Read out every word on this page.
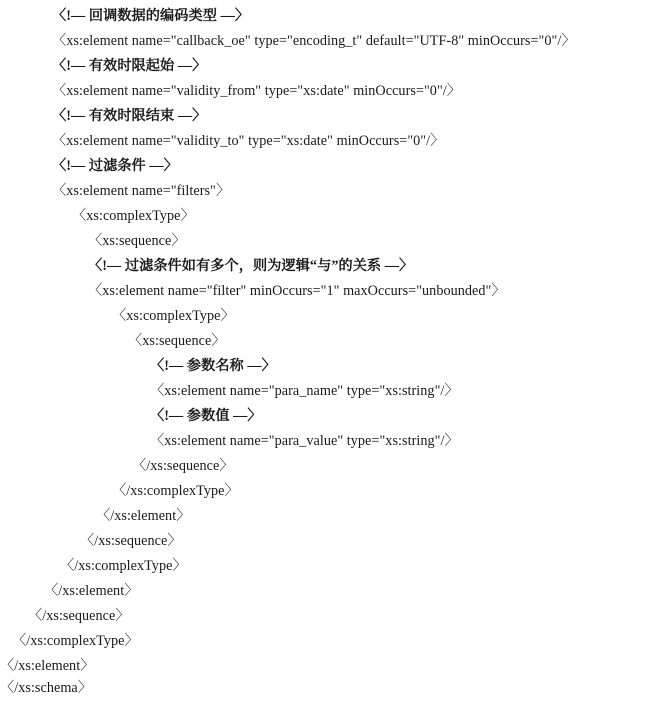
〈!— 回调数据的编码类型 —〉
〈xs:element name="callback_oe" type="encoding_t" default="UTF-8" minOccurs="0"/〉
〈!— 有效时限起始 —〉
〈xs:element name="validity_from" type="xs:date" minOccurs="0"/〉
〈!— 有效时限结束 —〉
〈xs:element name="validity_to" type="xs:date" minOccurs="0"/〉
〈!— 过滤条件 —〉
〈xs:element name="filters"〉
〈xs:complexType〉
〈xs:sequence〉
〈!— 过滤条件如有多个，则为逻辑“与”的关系 —〉
〈xs:element name="filter" minOccurs="1" maxOccurs="unbounded"〉
〈xs:complexType〉
〈xs:sequence〉
〈!— 参数名称 —〉
〈xs:element name="para_name" type="xs:string"/〉
〈!— 参数值 —〉
〈xs:element name="para_value" type="xs:string"/〉
〈/xs:sequence〉
〈/xs:complexType〉
〈/xs:element〉
〈/xs:sequence〉
〈/xs:complexType〉
〈/xs:element〉
〈/xs:sequence〉
〈/xs:complexType〉
〈/xs:element〉
〈/xs:schema〉
